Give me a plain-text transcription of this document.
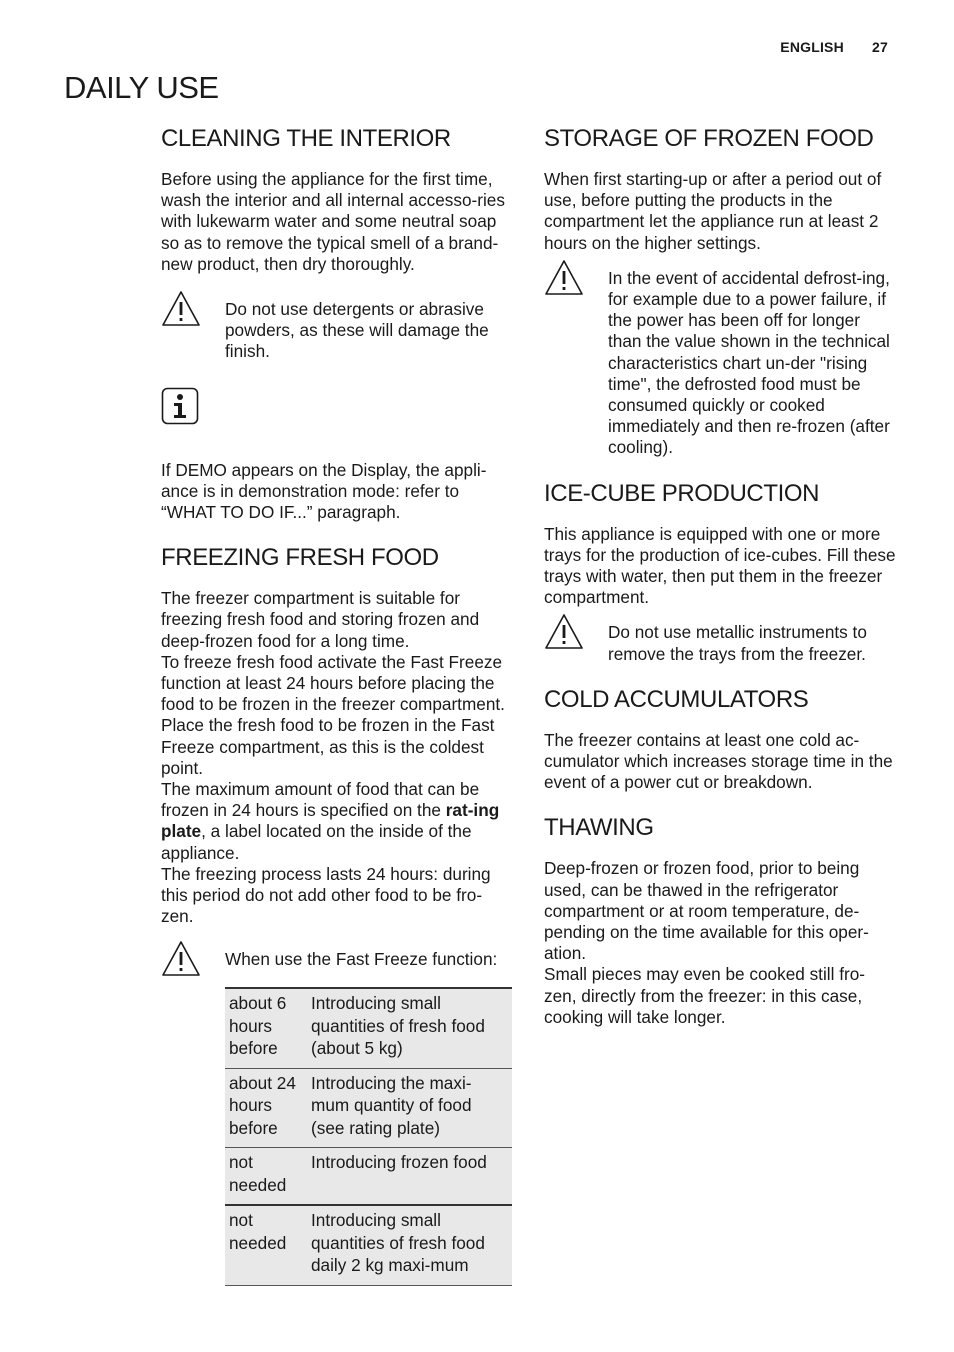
ENGLISH 27
DAILY USE
CLEANING THE INTERIOR

Before using the appliance for the first time, wash the interior and all internal accesso-ries with lukewarm water and some neutral soap so as to remove the typical smell of a brand-new product, then dry thoroughly.

Do not use detergents or abrasive powders, as these will damage the finish.

If DEMO appears on the Display, the appli-ance is in demonstration mode: refer to “WHAT TO DO IF...” paragraph.

FREEZING FRESH FOOD

The freezer compartment is suitable for freezing fresh food and storing frozen and deep-frozen food for a long time.

To freeze fresh food activate the Fast Freeze function at least 24 hours before placing the food to be frozen in the freezer compartment.

Place the fresh food to be frozen in the Fast Freeze compartment, as this is the coldest point.

The maximum amount of food that can be frozen in 24 hours is specified on the rat-ing plate, a label located on the inside of the appliance.

The freezing process lasts 24 hours: during this period do not add other food to be fro-zen.

When use the Fast Freeze function:

about 6 hours before	Introducing small quantities of fresh food (about 5 kg)
about 24 hours before	Introducing the maxi-mum quantity of food (see rating plate)
not needed	Introducing frozen food
not needed	Introducing small quantities of fresh food daily 2 kg maxi-mum
STORAGE OF FROZEN FOOD

When first starting-up or after a period out of use, before putting the products in the compartment let the appliance run at least 2 hours on the higher settings.

In the event of accidental defrost-ing, for example due to a power failure, if the power has been off for longer than the value shown in the technical characteristics chart un-der "rising time", the defrosted food must be consumed quickly or cooked immediately and then re-frozen (after cooling).

ICE-CUBE PRODUCTION

This appliance is equipped with one or more trays for the production of ice-cubes. Fill these trays with water, then put them in the freezer compartment.

Do not use metallic instruments to remove the trays from the freezer.

COLD ACCUMULATORS

The freezer contains at least one cold ac-cumulator which increases storage time in the event of a power cut or breakdown.

THAWING

Deep-frozen or frozen food, prior to being used, can be thawed in the refrigerator compartment or at room temperature, de-pending on the time available for this oper-ation.

Small pieces may even be cooked still fro-zen, directly from the freezer: in this case, cooking will take longer.
